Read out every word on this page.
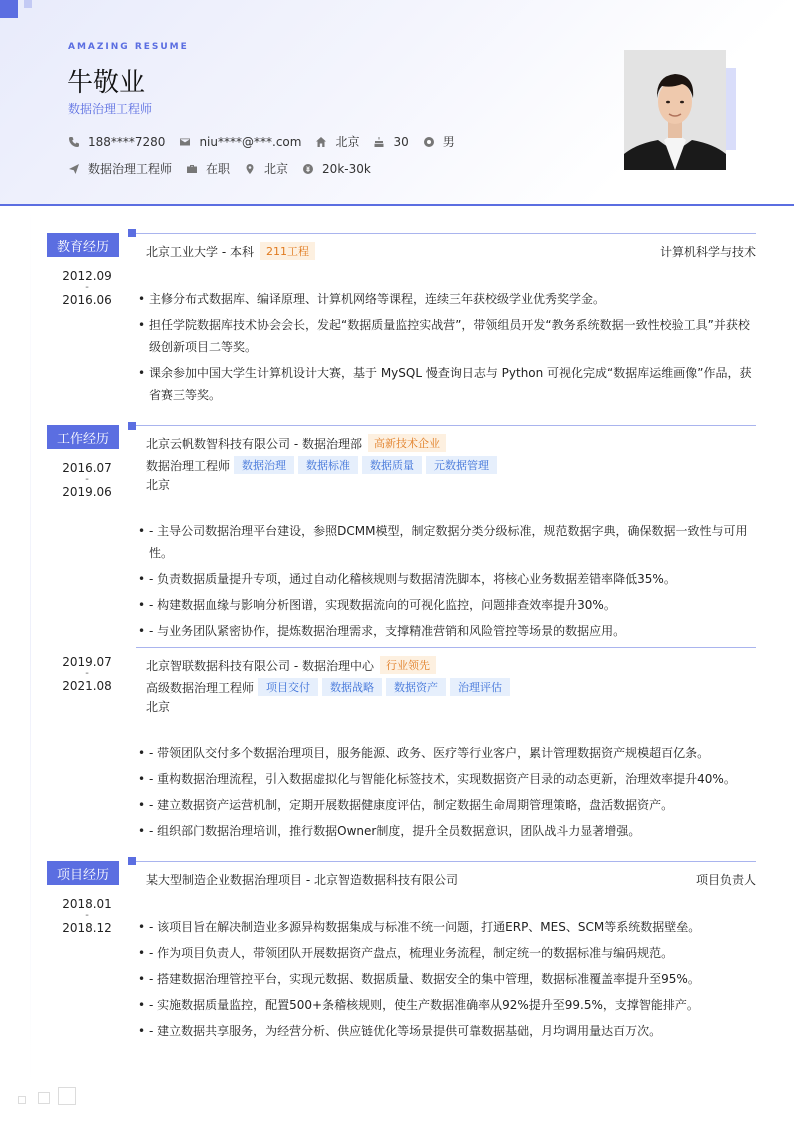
AMAZING RESUME
牛敬业
数据治理工程师
188****7280	niu****@***.com	北京	30	男
数据治理工程师	在职	北京	20k-30k
教育经历	北京工业大学 - 本科	211工程	计算机科学与技术
2012.09
-
2016.06	• 主修分布式数据库、编译原理、计算机网络等课程，连续三年获校级学业优秀奖学金。
• 担任学院数据库技术协会会长，发起“数据质量监控实战营”，带领组员开发“教务系统数据一致性校验工具”并获校级创新项目二等奖。
• 课余参加中国大学生计算机设计大赛，基于 MySQL 慢查询日志与 Python 可视化完成“数据库运维画像”作品，获省赛三等奖。
工作经历	北京云帆数智科技有限公司 - 数据治理部	高新技术企业
数据治理工程师	数据治理	数据标准	数据质量	元数据管理
北京
2016.07
-
2019.06
• - 主导公司数据治理平台建设，参照DCMM模型，制定数据分类分级标准，规范数据字典，确保数据一致性与可用性。
• - 负责数据质量提升专项，通过自动化稽核规则与数据清洗脚本，将核心业务数据差错率降低35%。
• - 构建数据血缘与影响分析图谱，实现数据流向的可视化监控，问题排查效率提升30%。
• - 与业务团队紧密协作，提炼数据治理需求，支撑精准营销和风险管控等场景的数据应用。
北京智联数据科技有限公司 - 数据治理中心	行业领先
高级数据治理工程师	项目交付	数据战略	数据资产	治理评估
北京
2019.07
-
2021.08
• - 带领团队交付多个数据治理项目，服务能源、政务、医疗等行业客户，累计管理数据资产规模超百亿条。
• - 重构数据治理流程，引入数据虚拟化与智能化标签技术，实现数据资产目录的动态更新，治理效率提升40%。
• - 建立数据资产运营机制，定期开展数据健康度评估，制定数据生命周期管理策略，盘活数据资产。
• - 组织部门数据治理培训，推行数据Owner制度，提升全员数据意识，团队战斗力显著增强。
项目经历	某大型制造企业数据治理项目 - 北京智造数据科技有限公司	项目负责人
2018.01
-
2018.12	• - 该项目旨在解决制造业多源异构数据集成与标准不统一问题，打通ERP、MES、SCM等系统数据壁垒。
• - 作为项目负责人，带领团队开展数据资产盘点，梳理业务流程，制定统一的数据标准与编码规范。
• - 搭建数据治理管控平台，实现元数据、数据质量、数据安全的集中管理，数据标准覆盖率提升至95%。
• - 实施数据质量监控，配置500+条稽核规则，使生产数据准确率从92%提升至99.5%，支撑智能排产。
• - 建立数据共享服务，为经营分析、供应链优化等场景提供可靠数据基础，月均调用量达百万次。
